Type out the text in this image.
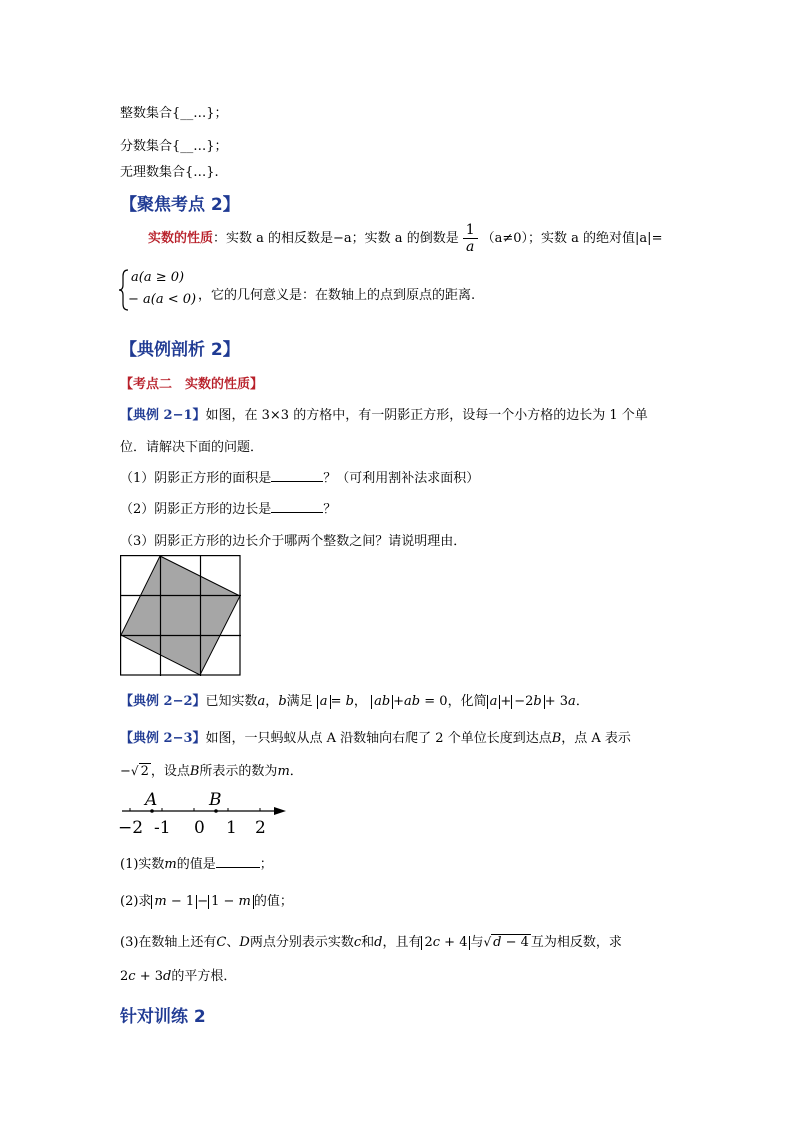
整数集合{__…}；
分数集合{__…}；
无理数集合{…}.
【聚焦考点 2】
实数的性质：实数 a 的相反数是−a；实数 a 的倒数是 $\frac{1}{a} (a\ne 0)$；实数 a 的绝对值|a|=
a(a ≥ 0)
− a(a < 0) ，它的几何意义是：在数轴上的点到原点的距离.
【典例剖析 2】
【考点二　实数的性质】
【典例 2−1】如图，在 3×3 的方格中，有一阴影正方形，设每一个小方格的边长为 1 个单
位．请解决下面的问题．
（1）阴影正方形的面积是	？（可利用割补法求面积）
（2）阴影正方形的边长是	？
（3）阴影正方形的边长介于哪两个整数之间？请说明理由．
【典例 2−2】已知实数a，b满足 a = b， ab +ab = 0，化简 a + −2b + 3a．
【典例 2−3】如图，一只蚂蚁从点 A 沿数轴向右爬了 2 个单位长度到达点B，点 A 表示
−√ 2 ，设点B所表示的数为m．
A	B
−2 -1 0 1 2
(1)实数m的值是	；
(2)求 m − 1 − 1 − m 的值；
(3)在数轴上还有C、D两点分别表示实数c和d，且有 2c + 4 与√ d − 4 互为相反数，求
2c + 3d的平方根．
针对训练 2
